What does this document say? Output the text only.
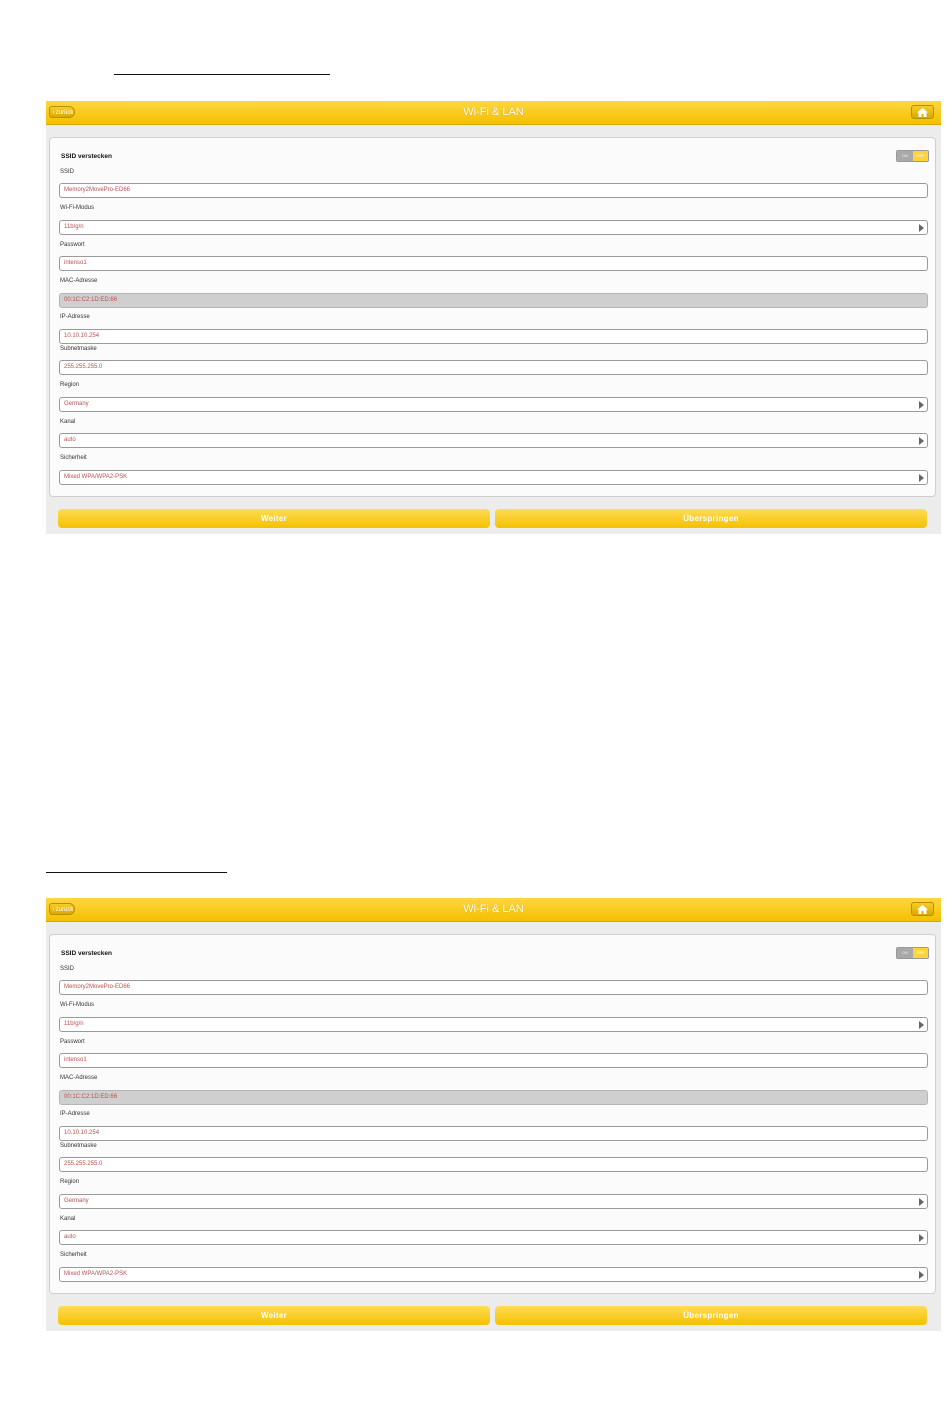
‹zurück	Wi-Fi & LAN
SSID verstecken	ON	OFF
SSID
Memory2MovePro-ED66
Wi-Fi-Modus
11b/g/n
Passwort
intenso1
MAC-Adresse
00:1C:C2:1D:ED:66
IP-Adresse
10.10.10.254
Subnetmaske
255.255.255.0
Region
Germany
Kanal
auto
Sicherheit
Mixed WPA/WPA2-PSK
Weiter	Überspringen
‹zurück	Wi-Fi & LAN
SSID verstecken	ON	OFF
SSID
Memory2MovePro-ED66
Wi-Fi-Modus
11b/g/n
Passwort
intenso1
MAC-Adresse
00:1C:C2:1D:ED:66
IP-Adresse
10.10.10.254
Subnetmaske
255.255.255.0
Region
Germany
Kanal
auto
Sicherheit
Mixed WPA/WPA2-PSK
Weiter	Überspringen
